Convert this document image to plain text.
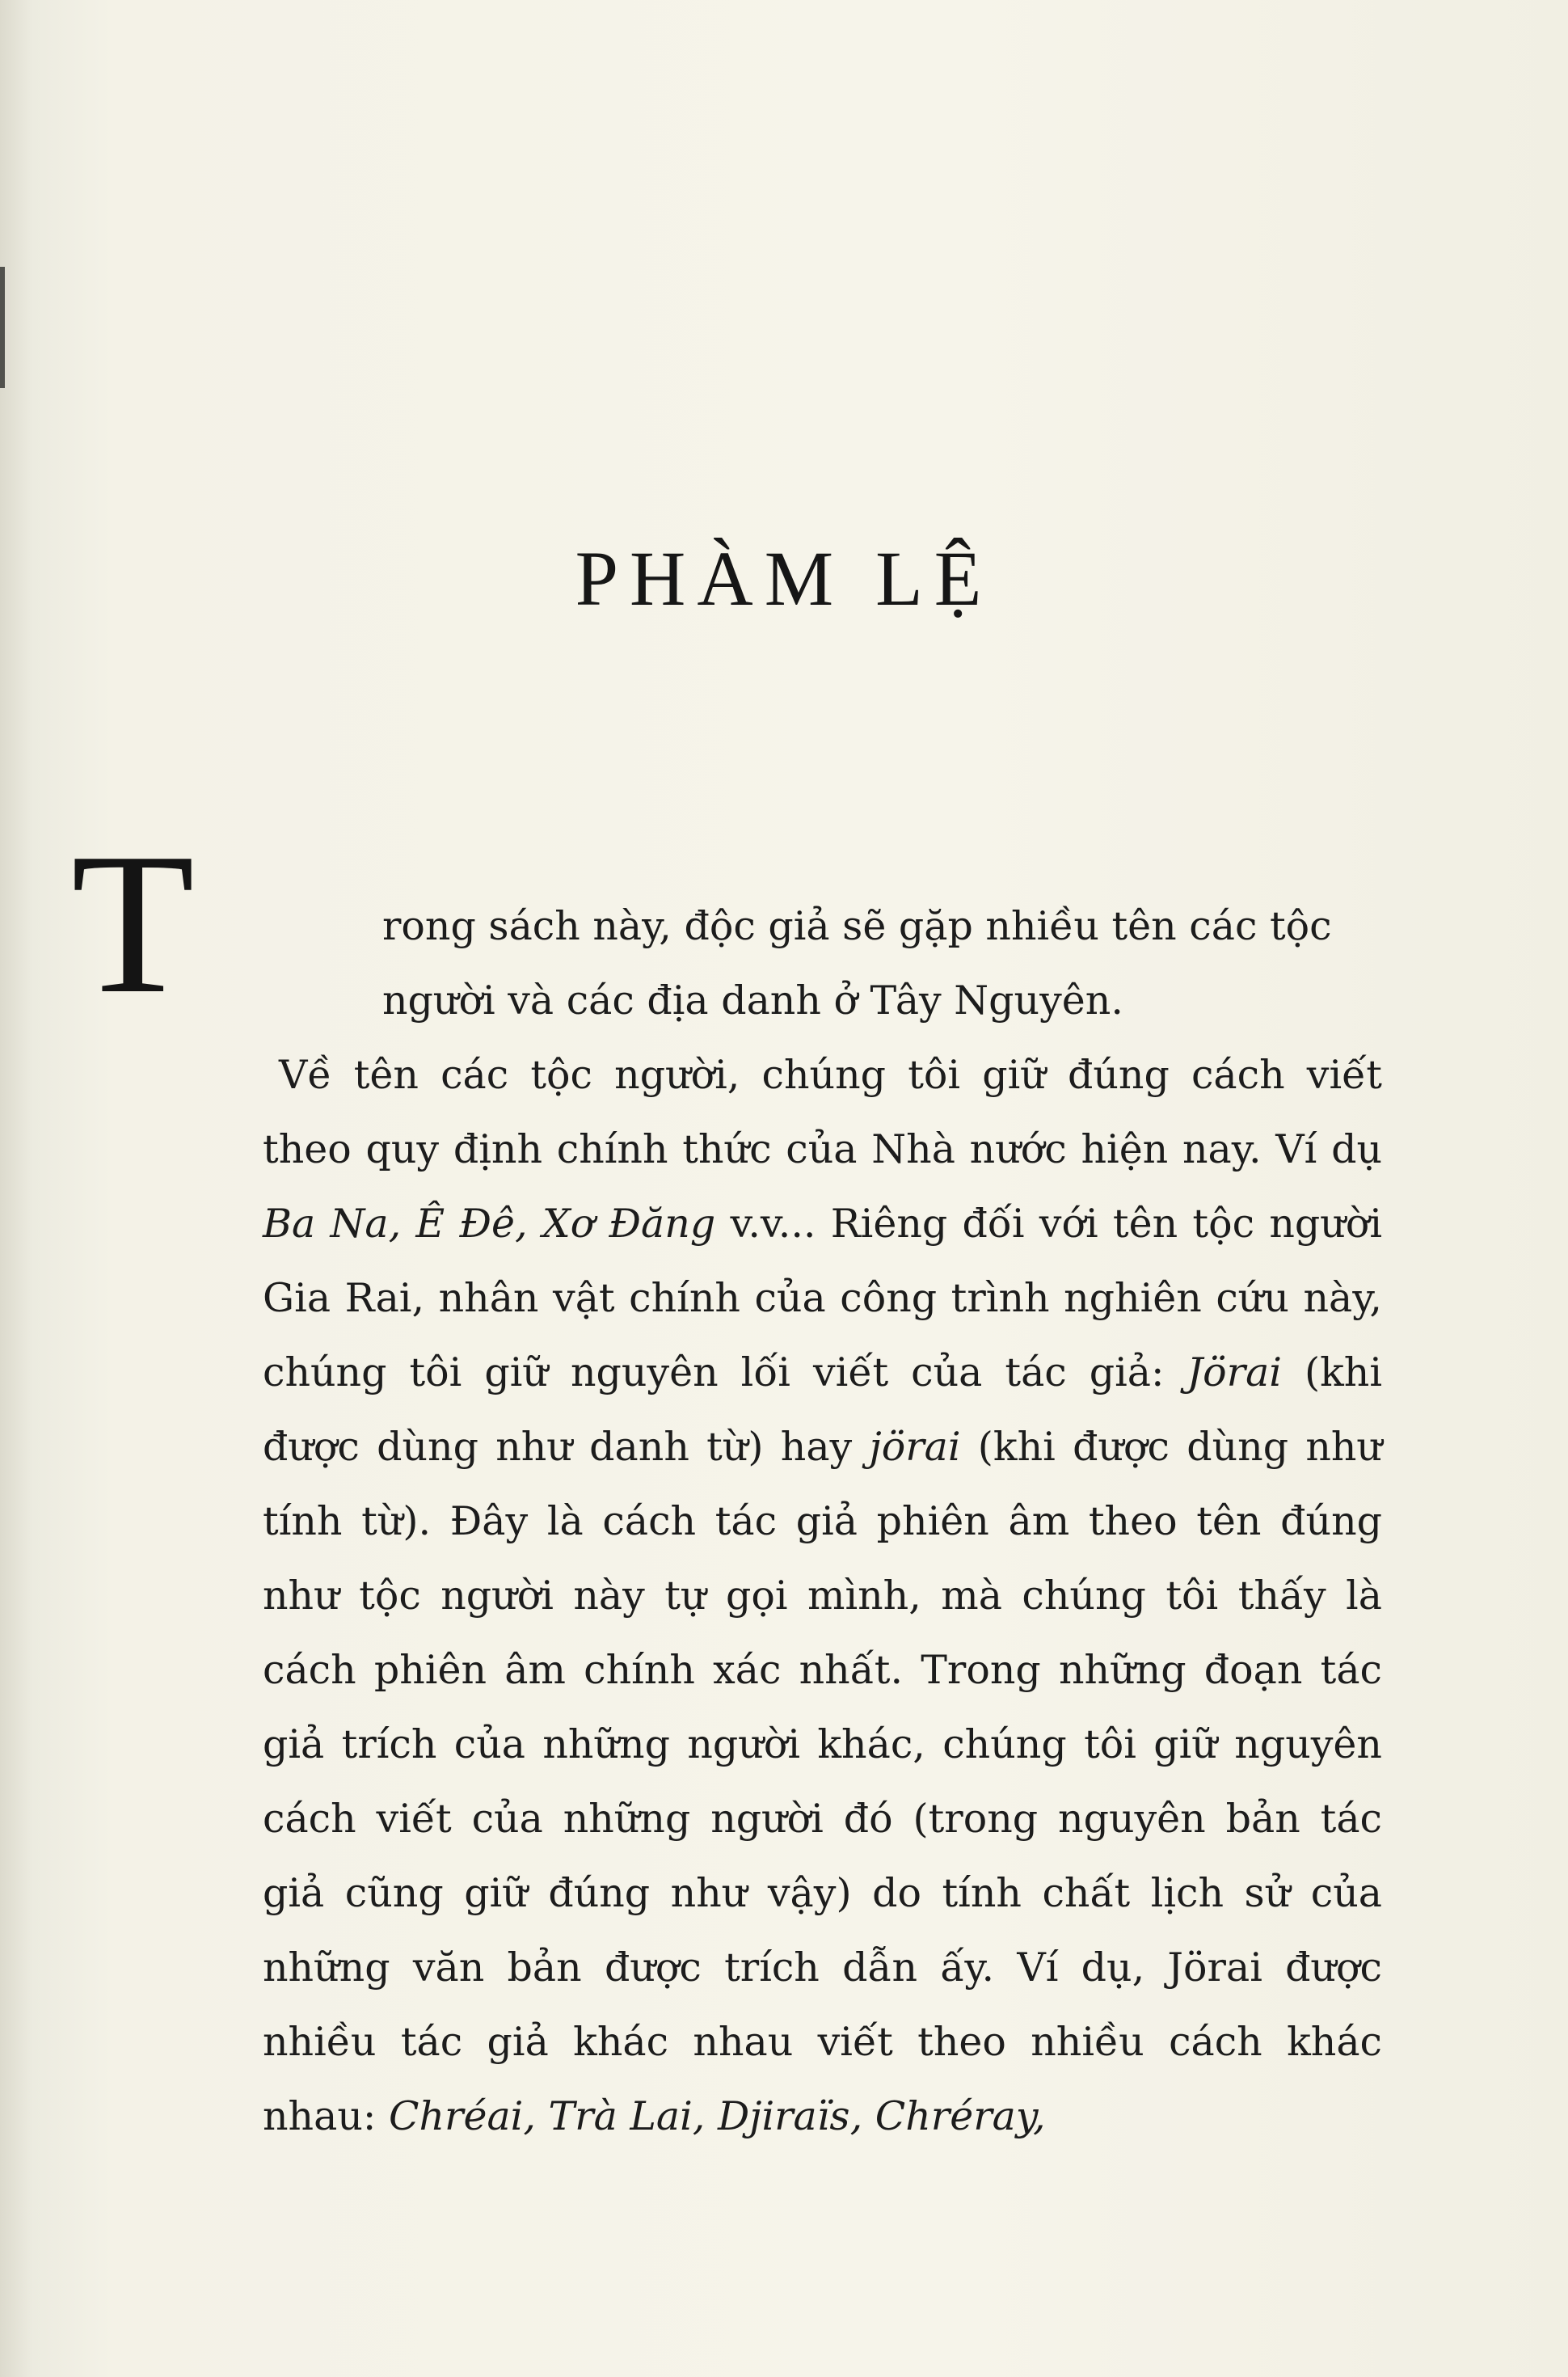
PHÀM LỆ
T	rong sách này, độc giả sẽ gặp nhiều tên các tộc
người và các địa danh ở Tây Nguyên.

Về tên các tộc người, chúng tôi giữ đúng cách viết theo quy định chính thức của Nhà nước hiện nay. Ví dụ Ba Na, Ê Đê, Xơ Đăng v.v... Riêng đối với tên tộc người Gia Rai, nhân vật chính của công trình nghiên cứu này, chúng tôi giữ nguyên lối viết của tác giả: Jörai (khi được dùng như danh từ) hay jörai (khi được dùng như tính từ). Đây là cách tác giả phiên âm theo tên đúng như tộc người này tự gọi mình, mà chúng tôi thấy là cách phiên âm chính xác nhất. Trong những đoạn tác giả trích của những người khác, chúng tôi giữ nguyên cách viết của những người đó (trong nguyên bản tác giả cũng giữ đúng như vậy) do tính chất lịch sử của những văn bản được trích dẫn ấy. Ví dụ, Jörai được nhiều tác giả khác nhau viết theo nhiều cách khác nhau: Chréai, Trà Lai, Djiraïs, Chréray,
